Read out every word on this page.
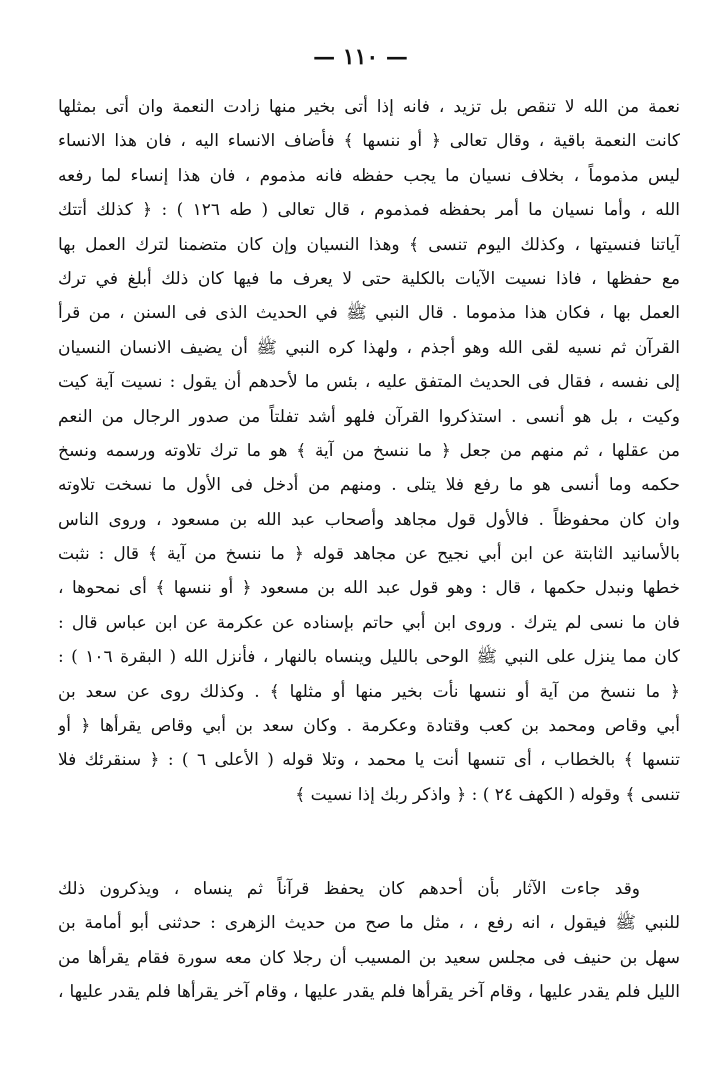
— ١١٠ —
نعمة من الله لا تنقص بل تزيد ، فانه إذا أتى بخير منها زادت النعمة وان أتى بمثلها
كانت النعمة باقية ، وقال تعالى ﴿ أو ننسها ﴾ فأضاف الانساء اليه ، فان هذا الانساء
ليس مذموماً ، بخلاف نسيان ما يجب حفظه فانه مذموم ، فان هذا إنساء لما رفعه
الله ، وأما نسيان ما أمر بحفظه فمذموم ، قال تعالى ( طه ١٢٦ ) : ﴿ كذلك أتتك
آياتنا فنسيتها ، وكذلك اليوم تنسى ﴾ وهذا النسيان وإن كان متضمنا لترك العمل بها
مع حفظها ، فاذا نسيت الآيات بالكلية حتى لا يعرف ما فيها كان ذلك أبلغ في ترك
العمل بها ، فكان هذا مذموما . قال النبي ﷺ في الحديث الذى فى السنن ، من قرأ
القرآن ثم نسيه لقى الله وهو أجذم ، ولهذا كره النبي ﷺ أن يضيف الانسان النسيان
إلى نفسه ، فقال فى الحديث المتفق عليه ، بئس ما لأحدهم أن يقول : نسيت آية كيت
وكيت ، بل هو أنسى . استذكروا القرآن فلهو أشد تفلتاً من صدور الرجال من النعم
من عقلها ، ثم منهم من جعل ﴿ ما ننسخ من آية ﴾ هو ما ترك تلاوته ورسمه ونسخ
حكمه وما أنسى هو ما رفع فلا يتلى . ومنهم من أدخل فى الأول ما نسخت تلاوته
وان كان محفوظاً . فالأول قول مجاهد وأصحاب عبد الله بن مسعود ، وروى الناس
بالأسانيد الثابتة عن ابن أبي نجيح عن مجاهد قوله ﴿ ما ننسخ من آية ﴾ قال : نثبت
خطها ونبدل حكمها ، قال : وهو قول عبد الله بن مسعود ﴿ أو ننسها ﴾ أى نمحوها ،
فان ما نسى لم يترك . وروى ابن أبي حاتم بإسناده عن عكرمة عن ابن عباس قال :
كان مما ينزل على النبي ﷺ الوحى بالليل وينساه بالنهار ، فأنزل الله ( البقرة ١٠٦ ) :
﴿ ما ننسخ من آية أو ننسها نأت بخير منها أو مثلها ﴾ . وكذلك روى عن سعد بن
أبي وقاص ومحمد بن كعب وقتادة وعكرمة . وكان سعد بن أبي وقاص يقرأها ﴿ أو
تنسها ﴾ بالخطاب ، أى تنسها أنت يا محمد ، وتلا قوله ( الأعلى ٦ ) : ﴿ سنقرئك فلا
تنسى ﴾ وقوله ( الكهف ٢٤ ) : ﴿ واذكر ربك إذا نسيت ﴾
وقد جاءت الآثار بأن أحدهم كان يحفظ قرآناً ثم ينساه ، ويذكرون ذلك
للنبي ﷺ فيقول ، انه رفع ، ، مثل ما صح من حديث الزهرى : حدثنى أبو أمامة بن
سهل بن حنيف فى مجلس سعيد بن المسيب أن رجلا كان معه سورة فقام يقرأها من
الليل فلم يقدر عليها ، وقام آخر يقرأها فلم يقدر عليها ، وقام آخر يقرأها فلم يقدر عليها ،
